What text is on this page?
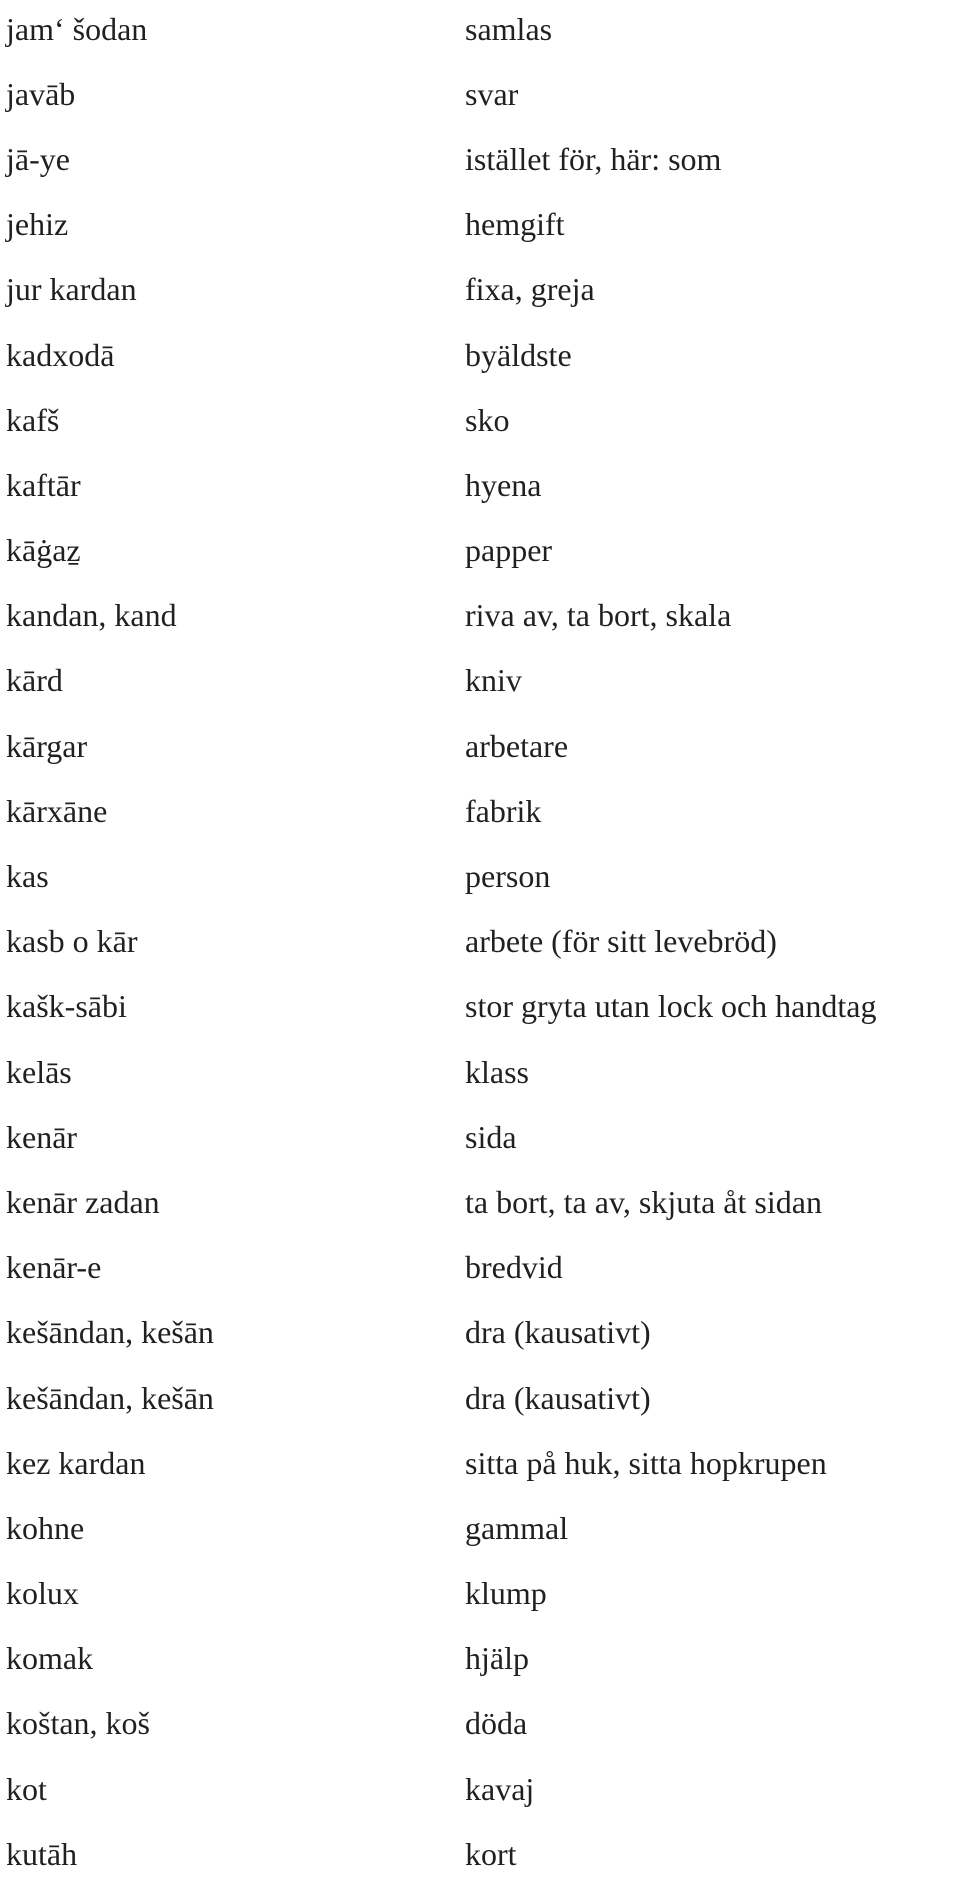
jam‘ šodan	samlas
javāb	svar
jā-ye	istället för, här: som
jehiz	hemgift
jur kardan	fixa, greja
kadxodā	byäldste
kafš	sko
kaftār	hyena
kāġaẕ	papper
kandan, kand	riva av, ta bort, skala
kārd	kniv
kārgar	arbetare
kārxāne	fabrik
kas	person
kasb o kār	arbete (för sitt levebröd)
kašk-sābi	stor gryta utan lock och handtag
kelās	klass
kenār	sida
kenār zadan	ta bort, ta av, skjuta åt sidan
kenār-e	bredvid
kešāndan, kešān	dra (kausativt)
kešāndan, kešān	dra (kausativt)
kez kardan	sitta på huk, sitta hopkrupen
kohne	gammal
kolux	klump
komak	hjälp
koštan, koš	döda
kot	kavaj
kutāh	kort
